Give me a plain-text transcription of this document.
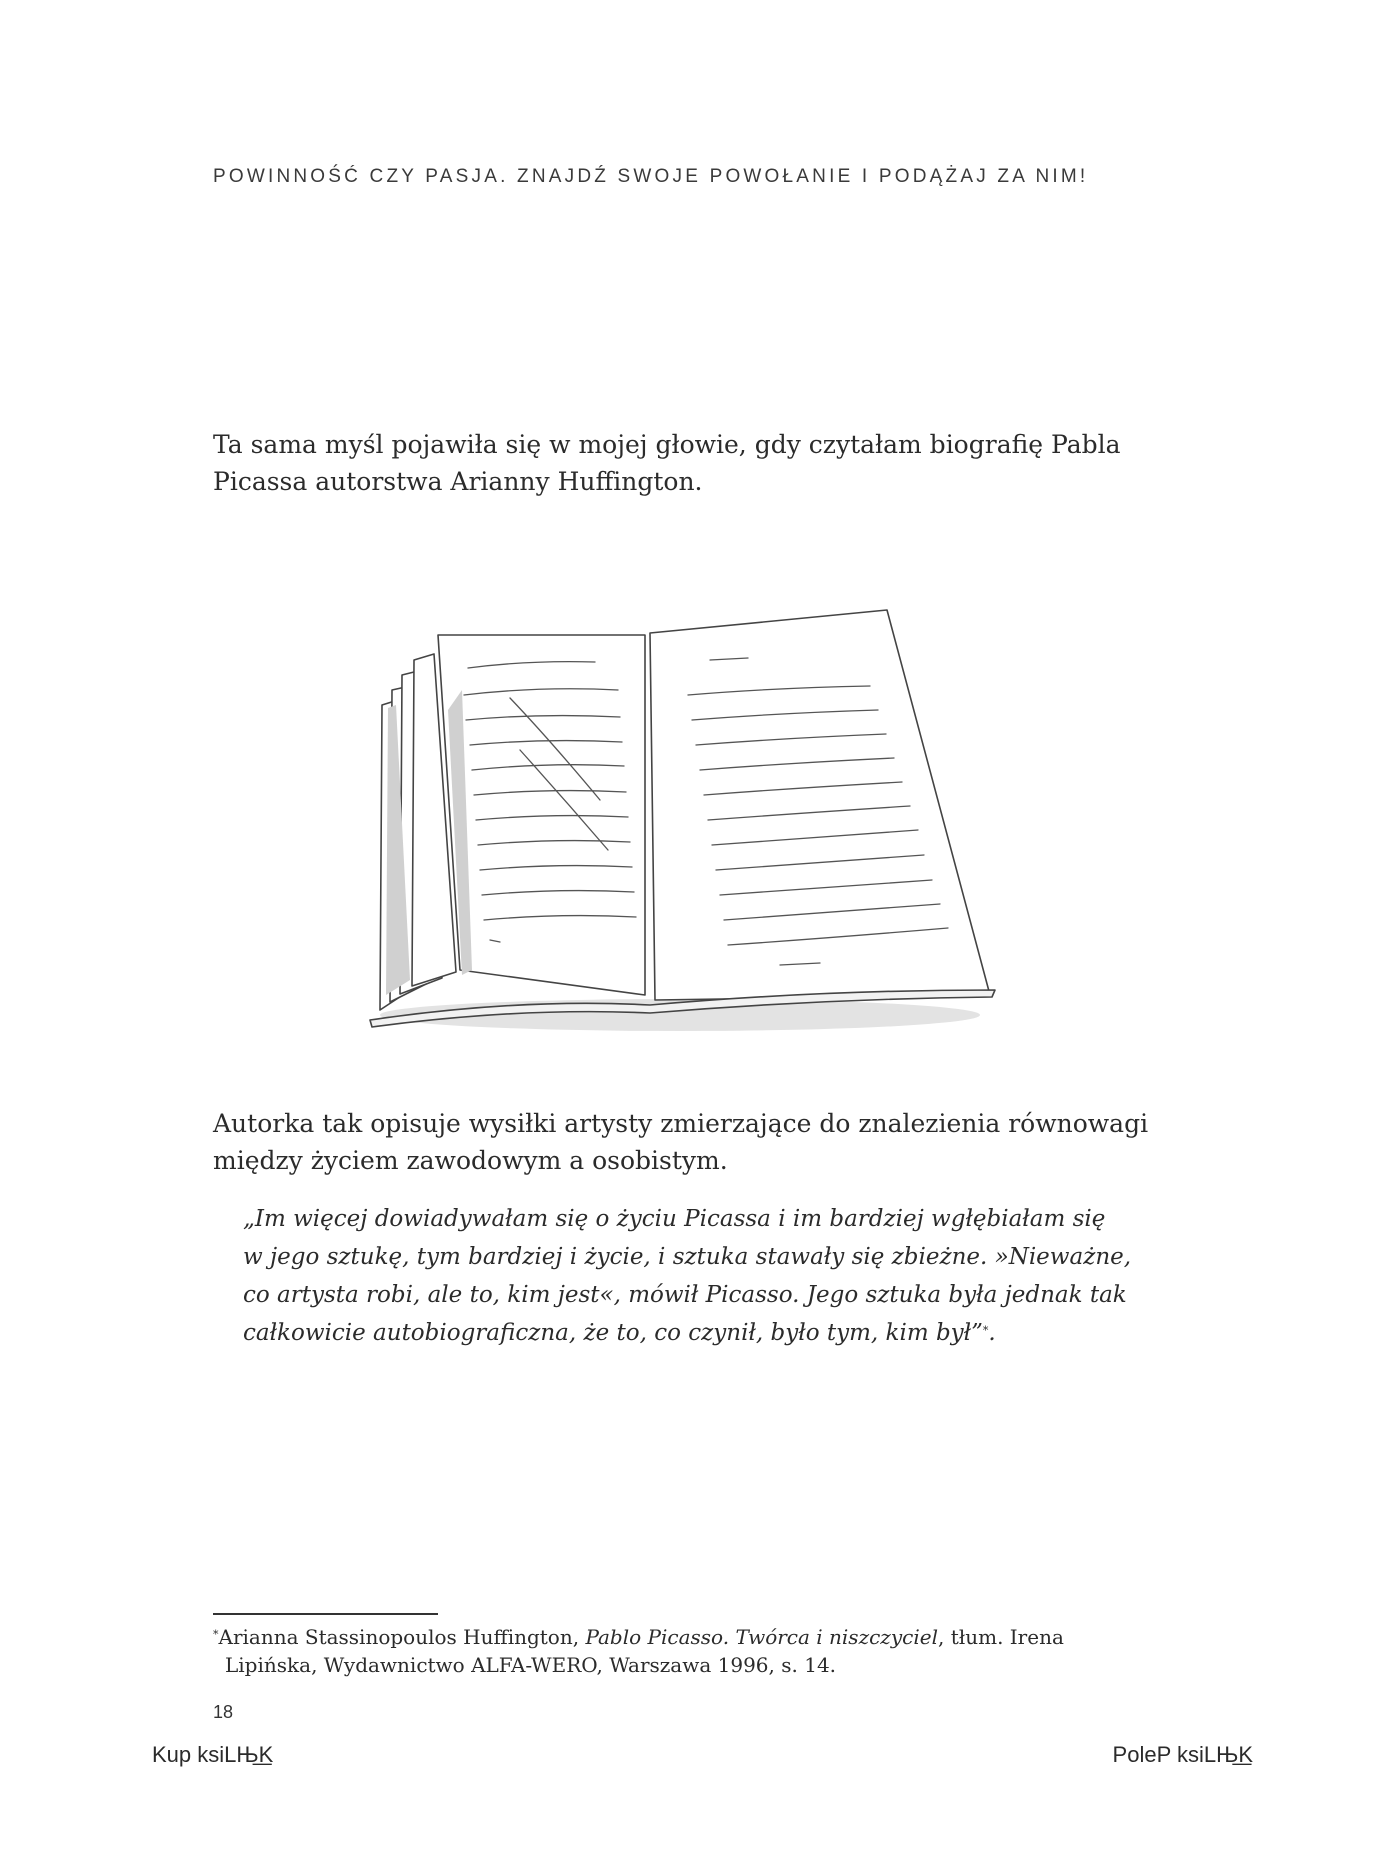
POWINNOŚĆ CZY PASJA. ZNAJDŹ SWOJE POWOŁANIE I PODĄŻAJ ZA NIM!
Ta sama myśl pojawiła się w mojej głowie, gdy czytałam biografię Pabla
Picassa autorstwa Arianny Huffington.
Autorka tak opisuje wysiłki artysty zmierzające do znalezienia równowagi
między życiem zawodowym a osobistym.
„Im więcej dowiadywałam się o życiu Picassa i im bardziej wgłębiałam się
w jego sztukę, tym bardziej i życie, i sztuka stawały się zbieżne. »Nieważne,
co artysta robi, ale to, kim jest«, mówił Picasso. Jego sztuka była jednak tak
całkowicie autobiograficzna, że to, co czynił, było tym, kim był”*.
*Arianna Stassinopoulos Huffington, Pablo Picasso. Twórca i niszczyciel, tłum. Irena
Lipińska, Wydawnictwo ALFA-WERO, Warszawa 1996, s. 14.
18
Kup ksiLЊ͟K	PoleP ksiLЊ͟K
